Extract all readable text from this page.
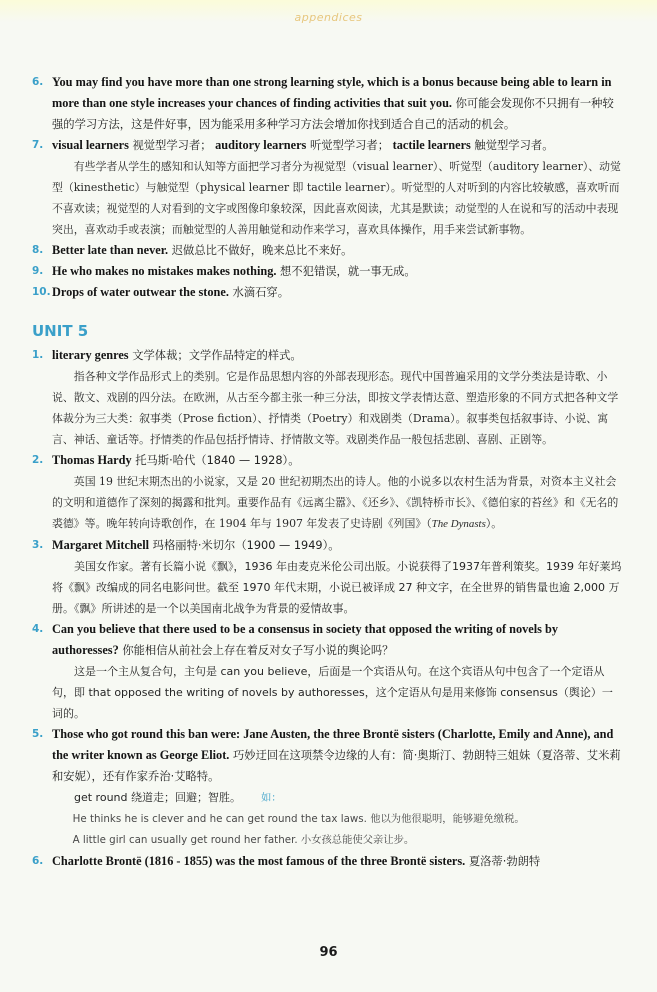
appendices

6. You may find you have more than one strong learning style, which is a bonus because being able to learn in more than one style increases your chances of finding activities that suit you. 你可能会发现你不只拥有一种较强的学习方法，这是件好事，因为能采用多种学习方法会增加你找到适合自己的活动的机会。

7. visual learners 视觉型学习者； auditory learners 听觉型学习者； tactile learners 触觉型学习者。

有些学者从学生的感知和认知等方面把学习者分为视觉型（visual learner）、听觉型（auditory learner）、动觉型（kinesthetic）与触觉型（physical learner 即 tactile learner）。听觉型的人对听到的内容比较敏感，喜欢听而不喜欢读；视觉型的人对看到的文字或图像印象较深，因此喜欢阅读，尤其是默读；动觉型的人在说和写的活动中表现突出，喜欢动手或表演；而触觉型的人善用触觉和动作来学习，喜欢具体操作，用手来尝试新事物。

8. Better late than never. 迟做总比不做好，晚来总比不来好。

9. He who makes no mistakes makes nothing. 想不犯错误，就一事无成。

10. Drops of water outwear the stone. 水滴石穿。

UNIT 5

1. literary genres 文学体裁；文学作品特定的样式。

指各种文学作品形式上的类别。它是作品思想内容的外部表现形态。现代中国普遍采用的文学分类法是诗歌、小说、散文、戏剧的四分法。在欧洲，从古至今都主张一种三分法，即按文学表情达意、塑造形象的不同方式把各种文学体裁分为三大类：叙事类（Prose fiction）、抒情类（Poetry）和戏剧类（Drama）。叙事类包括叙事诗、小说、寓言、神话、童话等。抒情类的作品包括抒情诗、抒情散文等。戏剧类作品一般包括悲剧、喜剧、正剧等。

2. Thomas Hardy 托马斯·哈代（1840 — 1928）。

英国 19 世纪末期杰出的小说家，又是 20 世纪初期杰出的诗人。他的小说多以农村生活为背景，对资本主义社会的文明和道德作了深刻的揭露和批判。重要作品有《远离尘嚣》、《还乡》、《凯特桥市长》、《德伯家的苔丝》和《无名的裘德》等。晚年转向诗歌创作，在 1904 年与 1907 年发表了史诗剧《列国》（The Dynasts）。

3. Margaret Mitchell 玛格丽特·米切尔（1900 — 1949）。

美国女作家。著有长篇小说《飘》，1936 年由麦克米伦公司出版。小说获得了1937年普利策奖。1939 年好莱坞将《飘》改编成的同名电影问世。截至 1970 年代末期，小说已被译成 27 种文字，在全世界的销售量也逾 2,000 万册。《飘》所讲述的是一个以美国南北战争为背景的爱情故事。

4. Can you believe that there used to be a consensus in society that opposed the writing of novels by authoresses? 你能相信从前社会上存在着反对女子写小说的舆论吗？

这是一个主从复合句，主句是 can you believe，后面是一个宾语从句。在这个宾语从句中包含了一个定语从句，即 that opposed the writing of novels by authoresses，这个定语从句是用来修饰 consensus（舆论）一词的。

5. Those who got round this ban were: Jane Austen, the three Brontë sisters (Charlotte, Emily and Anne), and the writer known as George Eliot. 巧妙迂回在这项禁令边缘的人有：简·奥斯汀、勃朗特三姐妹（夏洛蒂、艾米莉和安妮），还有作家乔治·艾略特。

get round 绕道走；回避；智胜。 如：

He thinks he is clever and he can get round the tax laws. 他以为他很聪明，能够避免缴税。

A little girl can usually get round her father. 小女孩总能使父亲让步。

6. Charlotte Brontë (1816 - 1855) was the most famous of the three Brontë sisters. 夏洛蒂·勃朗特

96
